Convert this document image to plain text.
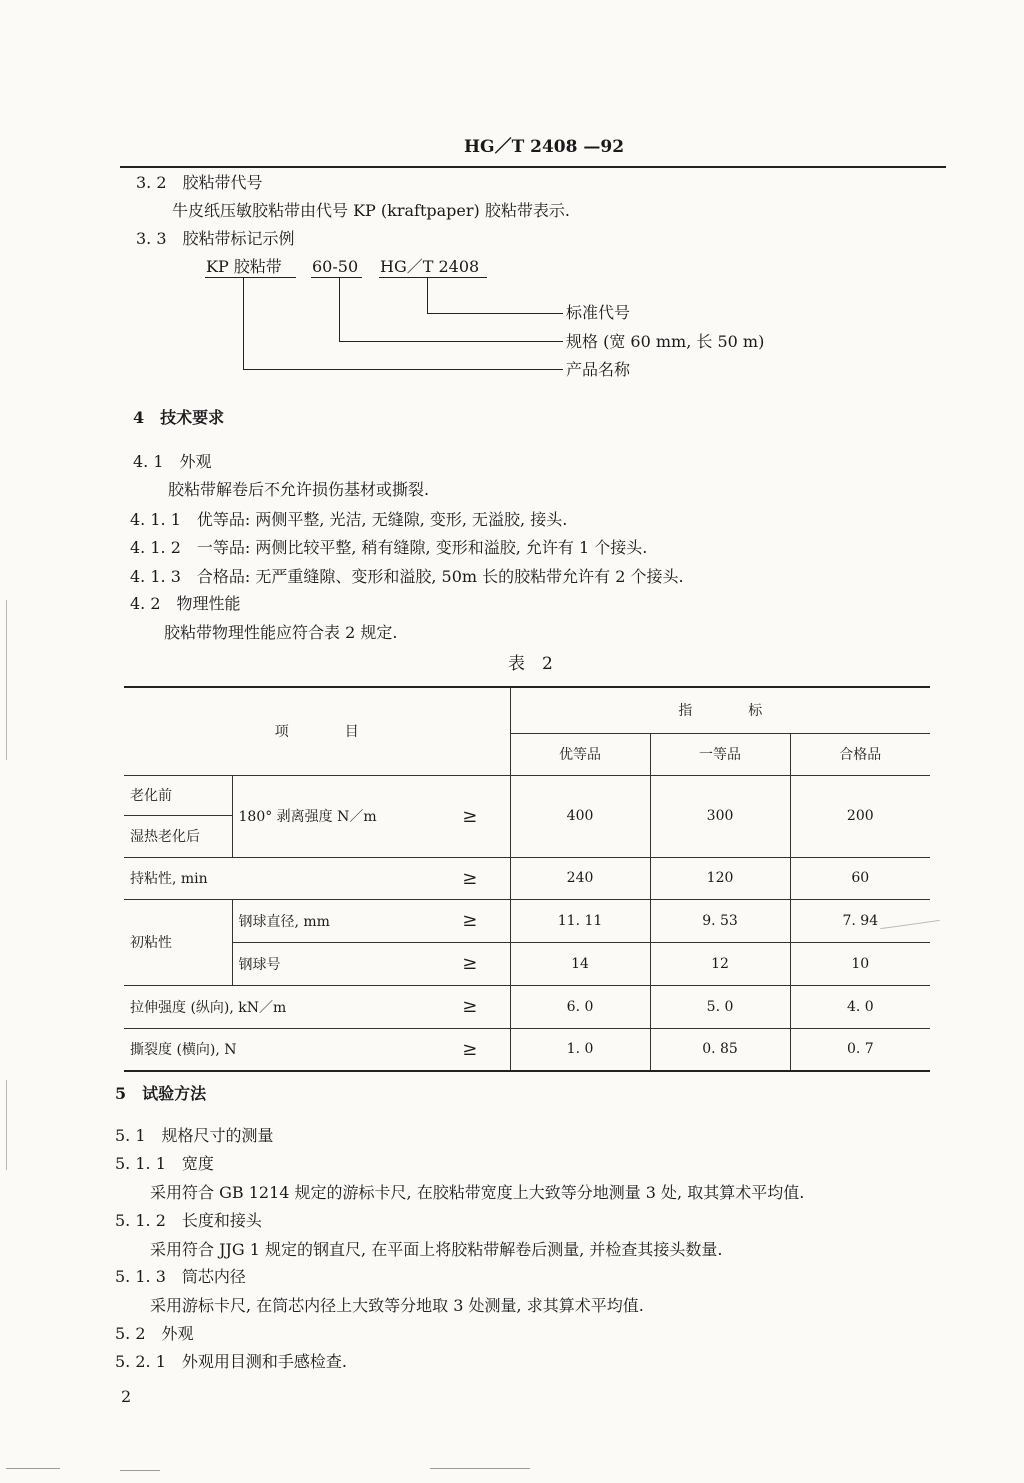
HG／T 2408 —92
3. 2　胶粘带代号
牛皮纸压敏胶粘带由代号 KP (kraftpaper) 胶粘带表示.
3. 3　胶粘带标记示例
KP 胶粘带 60-50 HG／T 2408
标准代号
规格 (宽 60 mm, 长 50 m)
产品名称
4　技术要求
4. 1　外观
胶粘带解卷后不允许损伤基材或撕裂.
4. 1. 1　优等品: 两侧平整, 光洁, 无缝隙, 变形, 无溢胶, 接头.
4. 1. 2　一等品: 两侧比较平整, 稍有缝隙, 变形和溢胶, 允许有 1 个接头.
4. 1. 3　合格品: 无严重缝隙、变形和溢胶, 50m 长的胶粘带允许有 2 个接头.
4. 2　物理性能
胶粘带物理性能应符合表 2 规定.
表　2
项　　　　目			指　　　　标		
			优等品	一等品	合格品
老化前	180° 剥离强度 N／m	≥	400	300	200
湿热老化后					
持粘性, min		≥	240	120	60
初粘性	钢球直径, mm	≥	11. 11	9. 53	7. 94
	钢球号	≥	14	12	10
拉伸强度 (纵向), kN／m		≥	6. 0	5. 0	4. 0
撕裂度 (横向), N		≥	1. 0	0. 85	0. 7
5　试验方法
5. 1　规格尺寸的测量
5. 1. 1　宽度
采用符合 GB 1214 规定的游标卡尺, 在胶粘带宽度上大致等分地测量 3 处, 取其算术平均值.
5. 1. 2　长度和接头
采用符合 JJG 1 规定的钢直尺, 在平面上将胶粘带解卷后测量, 并检查其接头数量.
5. 1. 3　筒芯内径
采用游标卡尺, 在筒芯内径上大致等分地取 3 处测量, 求其算术平均值.
5. 2　外观
5. 2. 1　外观用目测和手感检查.
2
